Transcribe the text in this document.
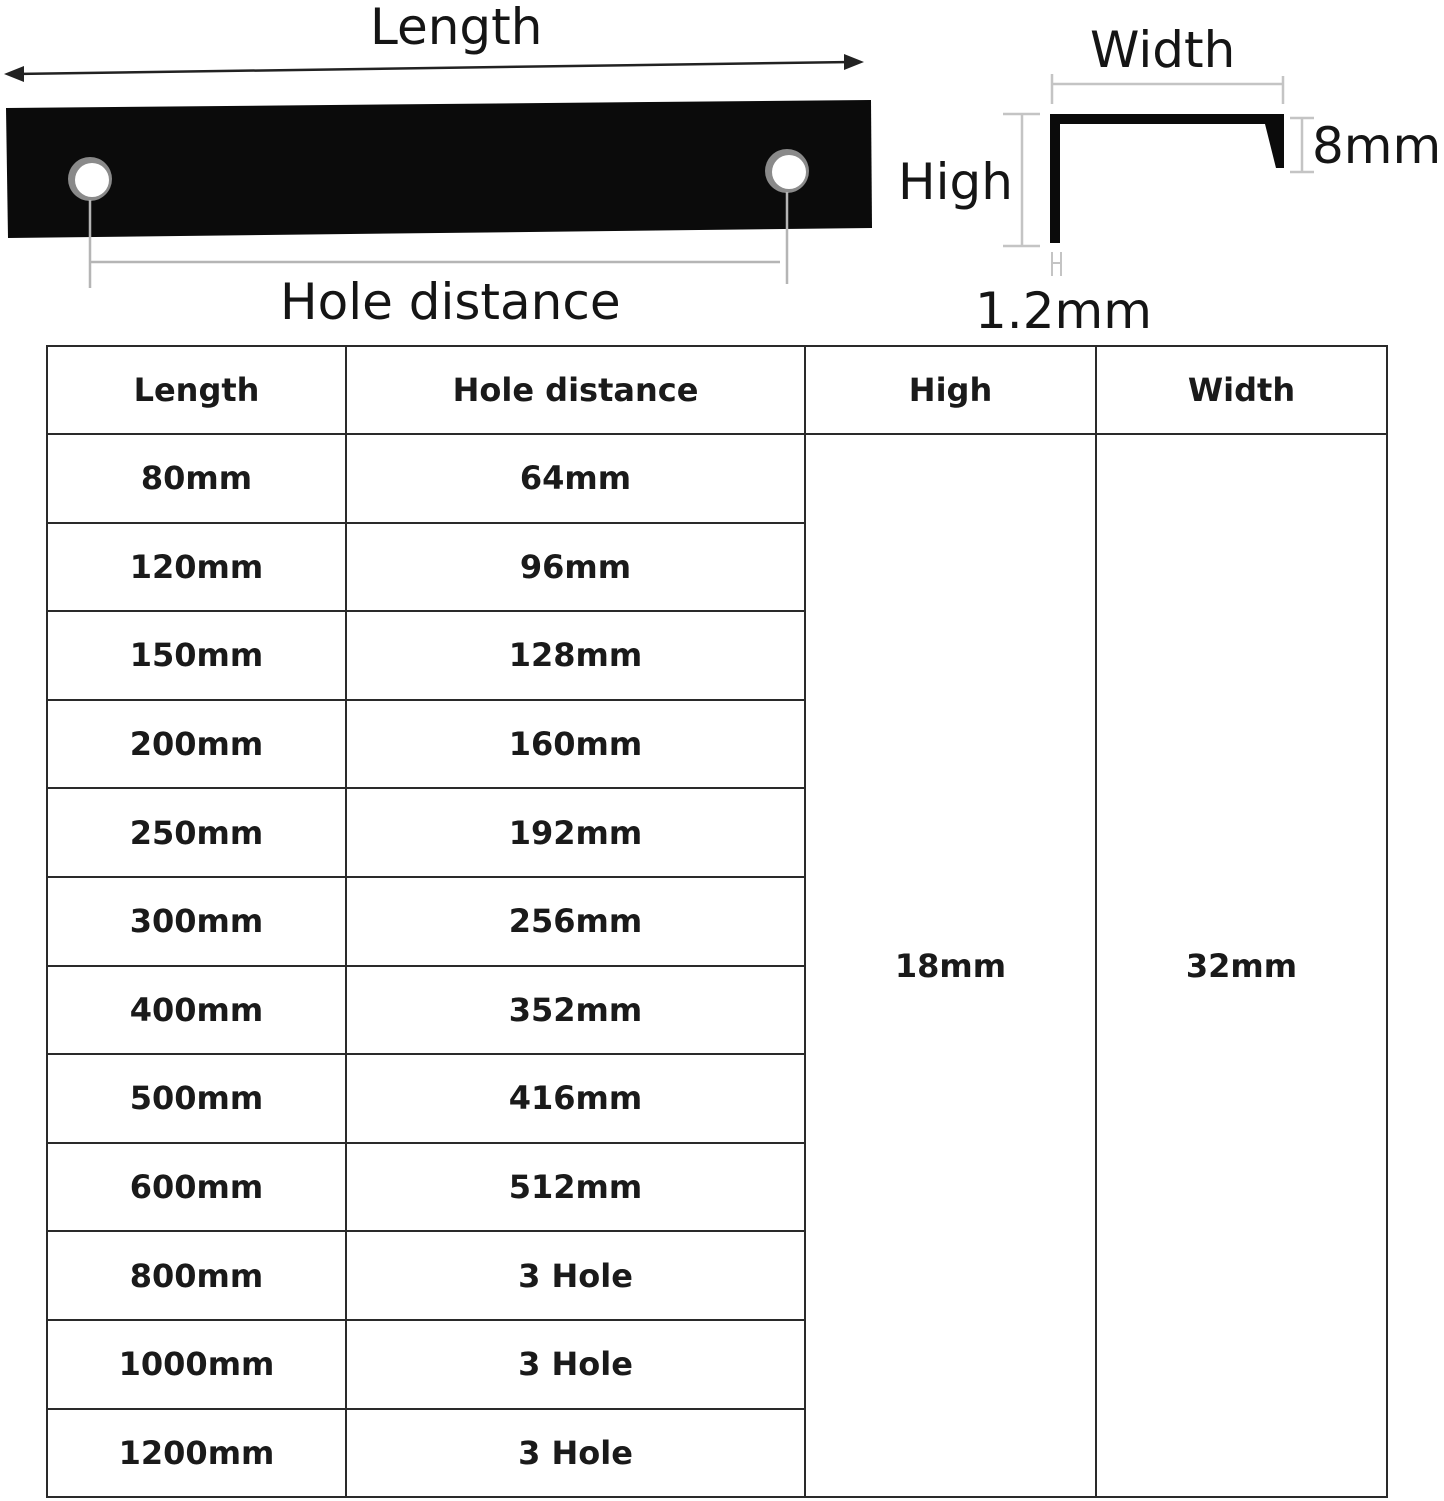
Length
Hole distance
Width
High
8mm
1.2mm
Length	Hole distance	High	Width
80mm	64mm	18mm	32mm
120mm	96mm		
150mm	128mm		
200mm	160mm		
250mm	192mm		
300mm	256mm		
400mm	352mm		
500mm	416mm		
600mm	512mm		
800mm	3 Hole		
1000mm	3 Hole		
1200mm	3 Hole		
